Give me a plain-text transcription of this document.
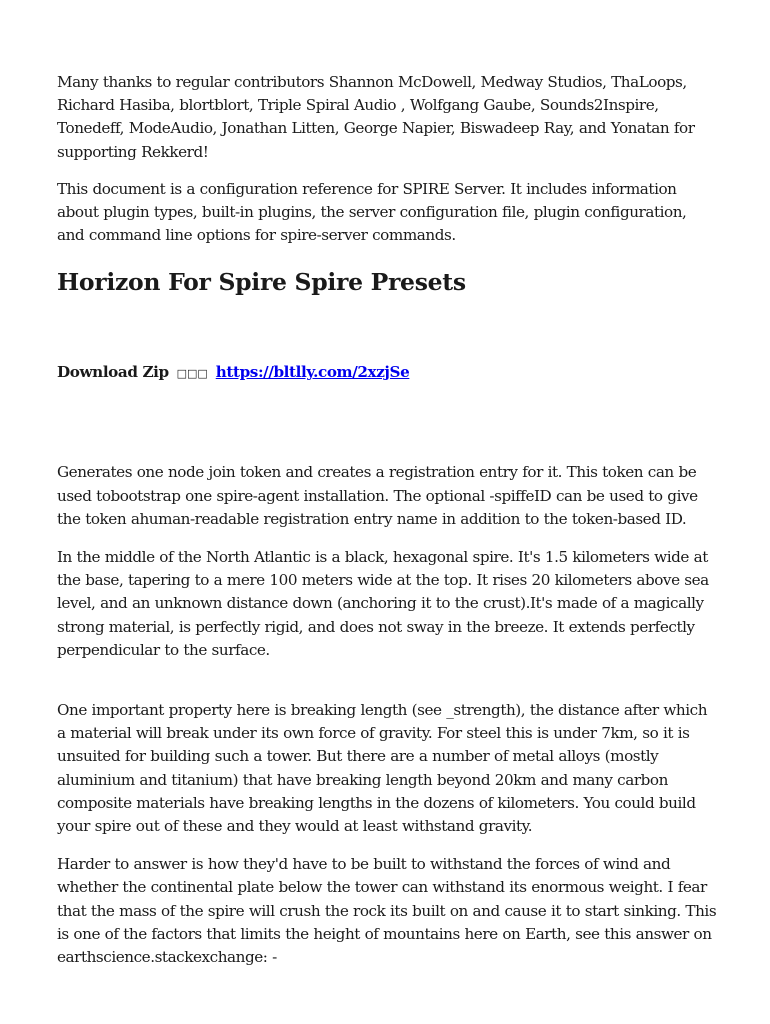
Many thanks to regular contributors Shannon McDowell, Medway Studios, ThaLoops, Richard Hasiba, blortblort, Triple Spiral Audio , Wolfgang Gaube, Sounds2Inspire, Tonedeff, ModeAudio, Jonathan Litten, George Napier, Biswadeep Ray, and Yonatan for supporting Rekkerd!

This document is a configuration reference for SPIRE Server. It includes information about plugin types, built-in plugins, the server configuration file, plugin configuration, and command line options for spire-server commands.

Horizon For Spire Spire Presets
Download Zip □□□ https://bltlly.com/2xzjSe

Generates one node join token and creates a registration entry for it. This token can be used tobootstrap one spire-agent installation. The optional -spiffeID can be used to give the token ahuman-readable registration entry name in addition to the token-based ID.

In the middle of the North Atlantic is a black, hexagonal spire. It's 1.5 kilometers wide at the base, tapering to a mere 100 meters wide at the top. It rises 20 kilometers above sea level, and an unknown distance down (anchoring it to the crust).It's made of a magically strong material, is perfectly rigid, and does not sway in the breeze. It extends perfectly perpendicular to the surface.

One important property here is breaking length (see _strength), the distance after which a material will break under its own force of gravity. For steel this is under 7km, so it is unsuited for building such a tower. But there are a number of metal alloys (mostly aluminium and titanium) that have breaking length beyond 20km and many carbon composite materials have breaking lengths in the dozens of kilometers. You could build your spire out of these and they would at least withstand gravity.

Harder to answer is how they'd have to be built to withstand the forces of wind and whether the continental plate below the tower can withstand its enormous weight. I fear that the mass of the spire will crush the rock its built on and cause it to start sinking. This is one of the factors that limits the height of mountains here on Earth, see this answer on earthscience.stackexchange: -
